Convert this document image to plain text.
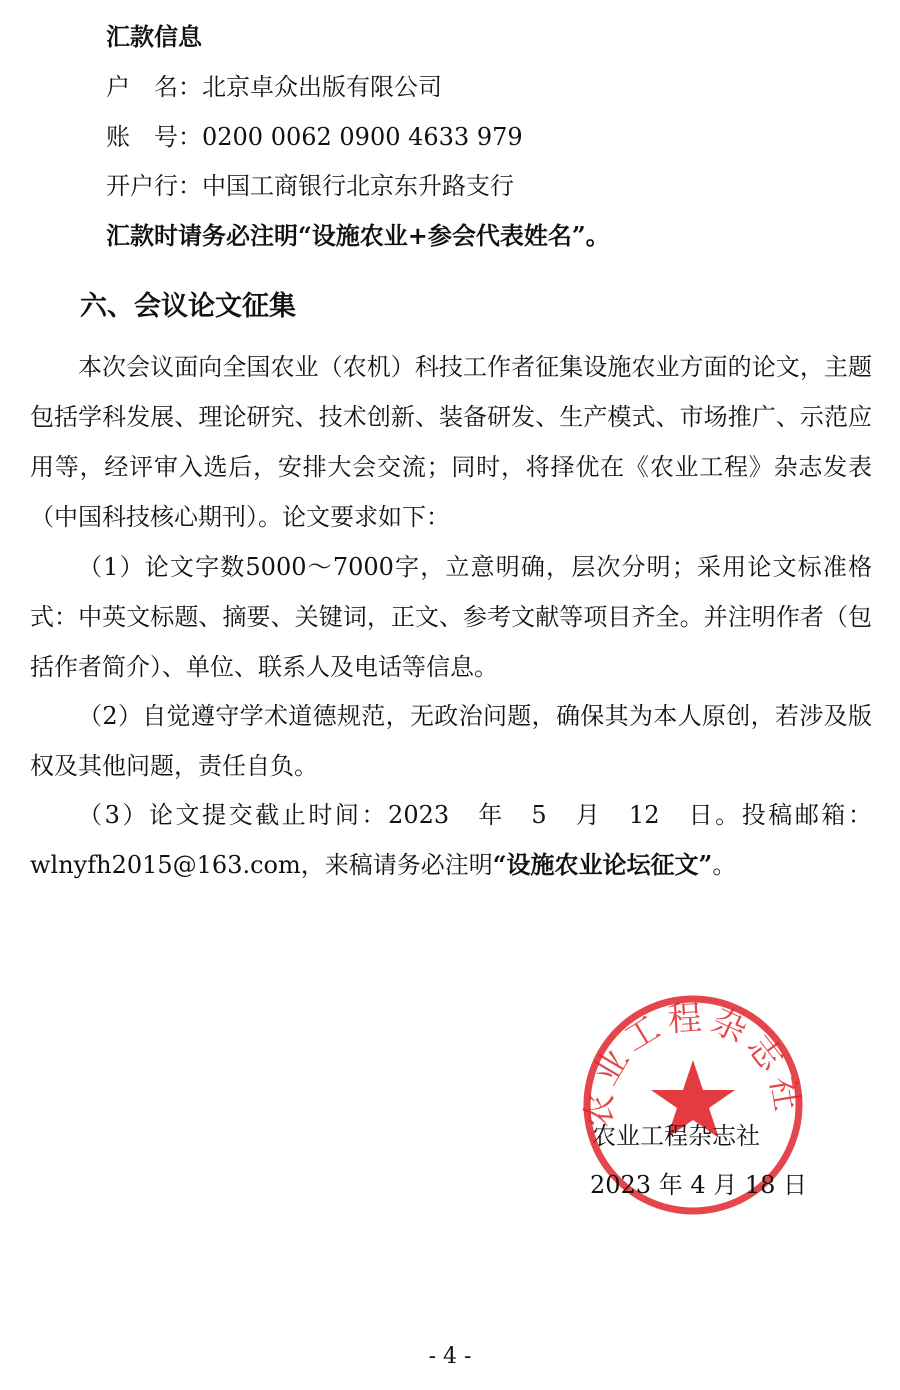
汇款信息
户　名：北京卓众出版有限公司
账　号：0200 0062 0900 4633 979
开户行：中国工商银行北京东升路支行
汇款时请务必注明“设施农业+参会代表姓名”。
六、会议论文征集
本次会议面向全国农业（农机）科技工作者征集设施农业方面的论文，主题包括学科发展、理论研究、技术创新、装备研发、生产模式、市场推广、示范应用等，经评审入选后，安排大会交流；同时，将择优在《农业工程》杂志发表（中国科技核心期刊）。论文要求如下：
（1）论文字数5000～7000字，立意明确，层次分明；采用论文标准格式：中英文标题、摘要、关键词，正文、参考文献等项目齐全。并注明作者（包括作者简介）、单位、联系人及电话等信息。
（2）自觉遵守学术道德规范，无政治问题，确保其为本人原创，若涉及版权及其他问题，责任自负。
（3）论文提交截止时间：2023　年　5　月　12　日。投稿邮箱：wlnyfh2015@163.com，来稿请务必注明“设施农业论坛征文”。
农业工程杂志社
农业工程杂志社
2023 年 4 月 18 日
- 4 -
